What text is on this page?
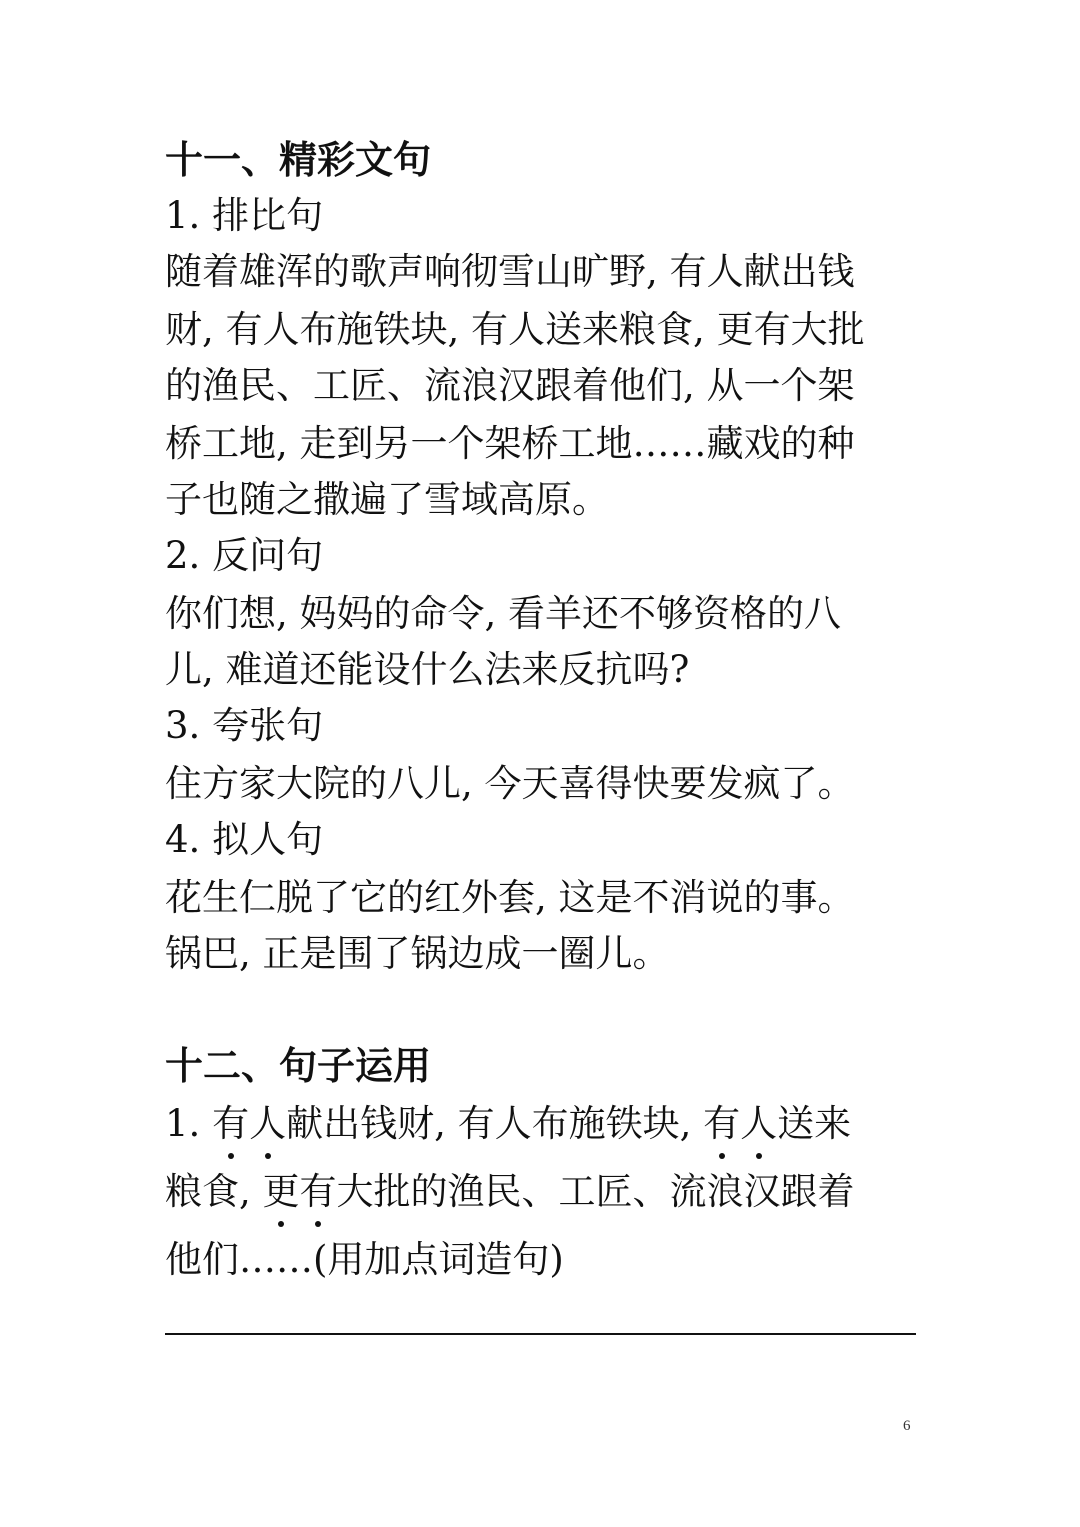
十一、精彩文句

1. 排比句

随着雄浑的歌声响彻雪山旷野, 有人献出钱

财, 有人布施铁块, 有人送来粮食, 更有大批

的渔民、工匠、流浪汉跟着他们, 从一个架

桥工地, 走到另一个架桥工地……藏戏的种

子也随之撒遍了雪域高原。

2. 反问句

你们想, 妈妈的命令, 看羊还不够资格的八

儿, 难道还能设什么法来反抗吗?

3. 夸张句

住方家大院的八儿, 今天喜得快要发疯了。

4. 拟人句

花生仁脱了它的红外套, 这是不消说的事。

锅巴, 正是围了锅边成一圈儿。

十二、句子运用

1. 有人献出钱财, 有人布施铁块, 有人送来

粮食, 更有大批的渔民、工匠、流浪汉跟着

他们……(用加点词造句)

6
